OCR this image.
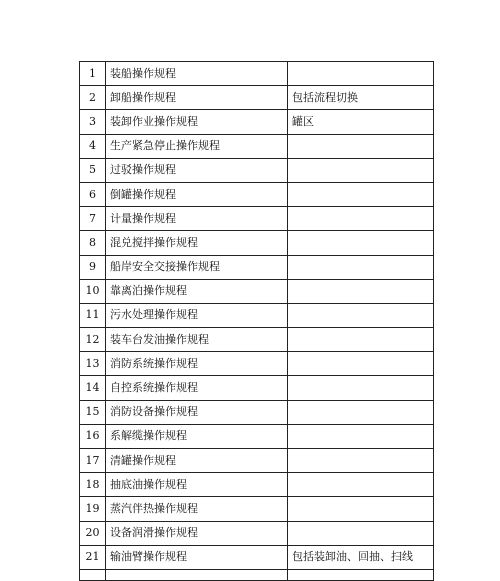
1	装船操作规程	
2	卸船操作规程	包括流程切换
3	装卸作业操作规程	罐区
4	生产紧急停止操作规程	
5	过驳操作规程	
6	倒罐操作规程	
7	计量操作规程	
8	混兑搅拌操作规程	
9	船岸安全交接操作规程	
10	靠离泊操作规程	
11	污水处理操作规程	
12	装车台发油操作规程	
13	消防系统操作规程	
14	自控系统操作规程	
15	消防设备操作规程	
16	系解缆操作规程	
17	清罐操作规程	
18	抽底油操作规程	
19	蒸汽伴热操作规程	
20	设备润滑操作规程	
21	输油臂操作规程	包括装卸油、回抽、扫线
